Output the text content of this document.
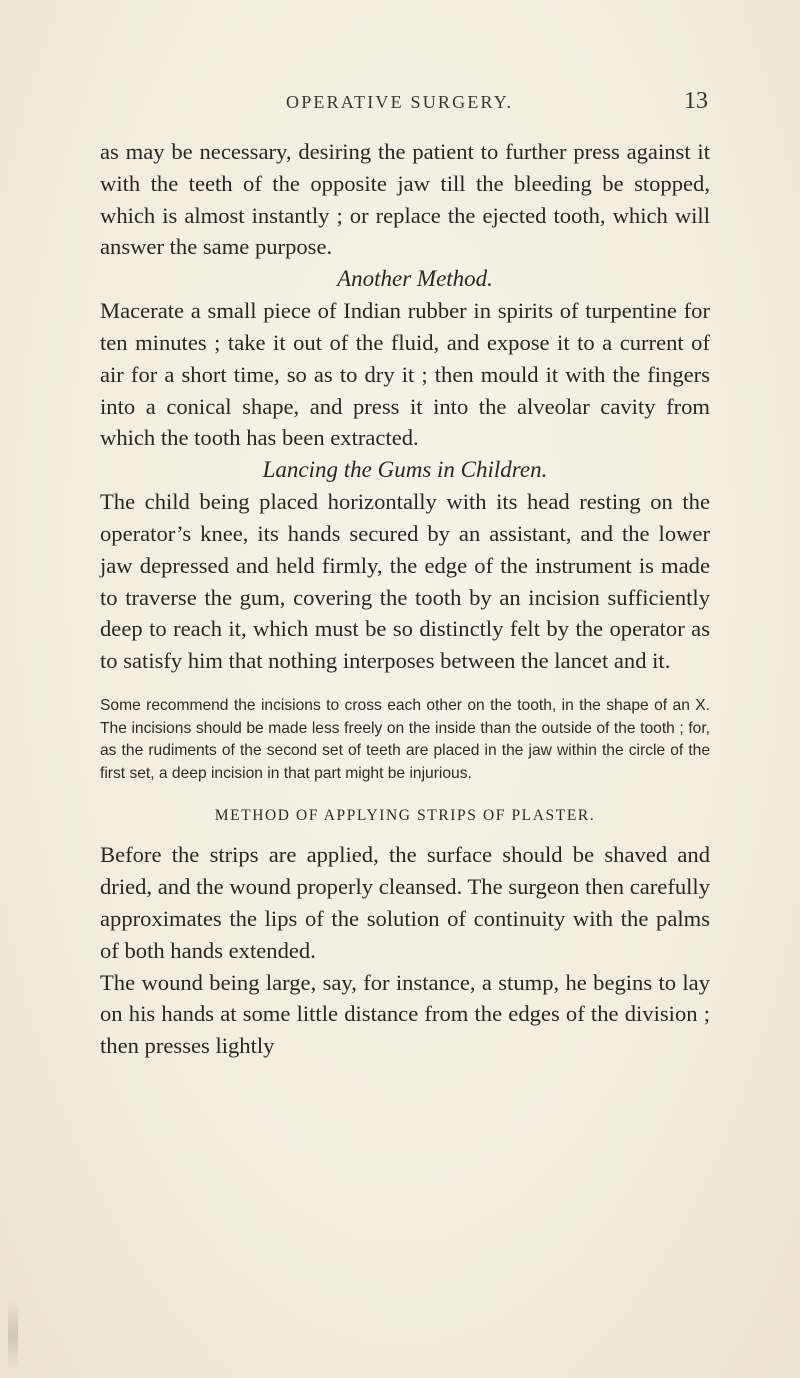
OPERATIVE SURGERY.	13

as may be necessary, desiring the patient to further press against it with the teeth of the opposite jaw till the bleeding be stopped, which is almost instantly ; or replace the ejected tooth, which will answer the same purpose.

Another Method.

Macerate a small piece of Indian rubber in spirits of turpentine for ten minutes ; take it out of the fluid, and expose it to a current of air for a short time, so as to dry it ; then mould it with the fingers into a conical shape, and press it into the alveolar cavity from which the tooth has been extracted.

Lancing the Gums in Children.

The child being placed horizontally with its head resting on the operator’s knee, its hands secured by an assistant, and the lower jaw depressed and held firmly, the edge of the instrument is made to traverse the gum, covering the tooth by an incision sufficiently deep to reach it, which must be so distinctly felt by the operator as to satisfy him that nothing interposes between the lancet and it.

Some recommend the incisions to cross each other on the tooth, in the shape of an X. The incisions should be made less freely on the inside than the outside of the tooth ; for, as the rudiments of the second set of teeth are placed in the jaw within the circle of the first set, a deep incision in that part might be injurious.
METHOD OF APPLYING STRIPS OF PLASTER.

Before the strips are applied, the surface should be shaved and dried, and the wound properly cleansed. The surgeon then carefully approximates the lips of the solution of continuity with the palms of both hands extended.

The wound being large, say, for instance, a stump, he begins to lay on his hands at some little distance from the edges of the division ; then presses lightly
